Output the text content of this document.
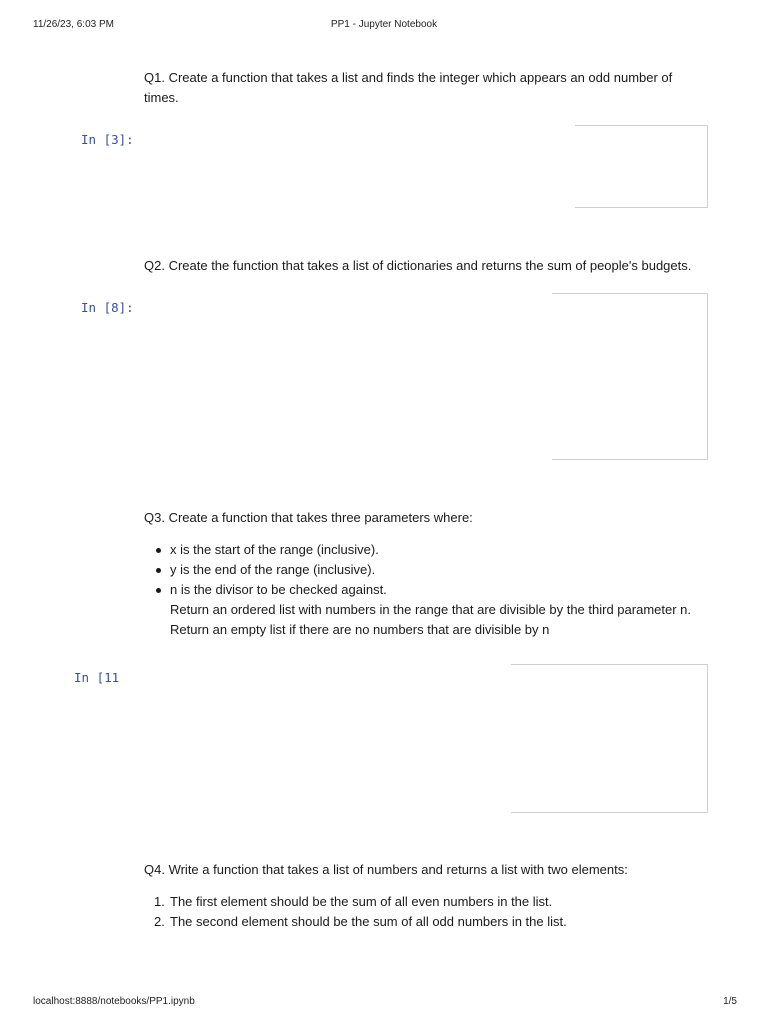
11/26/23, 6:03 PM	PP1 - Jupyter Notebook
Q1. Create a function that takes a list and finds the integer which appears an odd number of times.
In [3]:
Q2. Create the function that takes a list of dictionaries and returns the sum of people's budgets.
In [8]:
Q3. Create a function that takes three parameters where:
x is the start of the range (inclusive).
y is the end of the range (inclusive).
n is the divisor to be checked against.
Return an ordered list with numbers in the range that are divisible by the third parameter n.
Return an empty list if there are no numbers that are divisible by n
In [11
Q4. Write a function that takes a list of numbers and returns a list with two elements:
1. The first element should be the sum of all even numbers in the list.
2. The second element should be the sum of all odd numbers in the list.
localhost:8888/notebooks/PP1.ipynb	1/5
